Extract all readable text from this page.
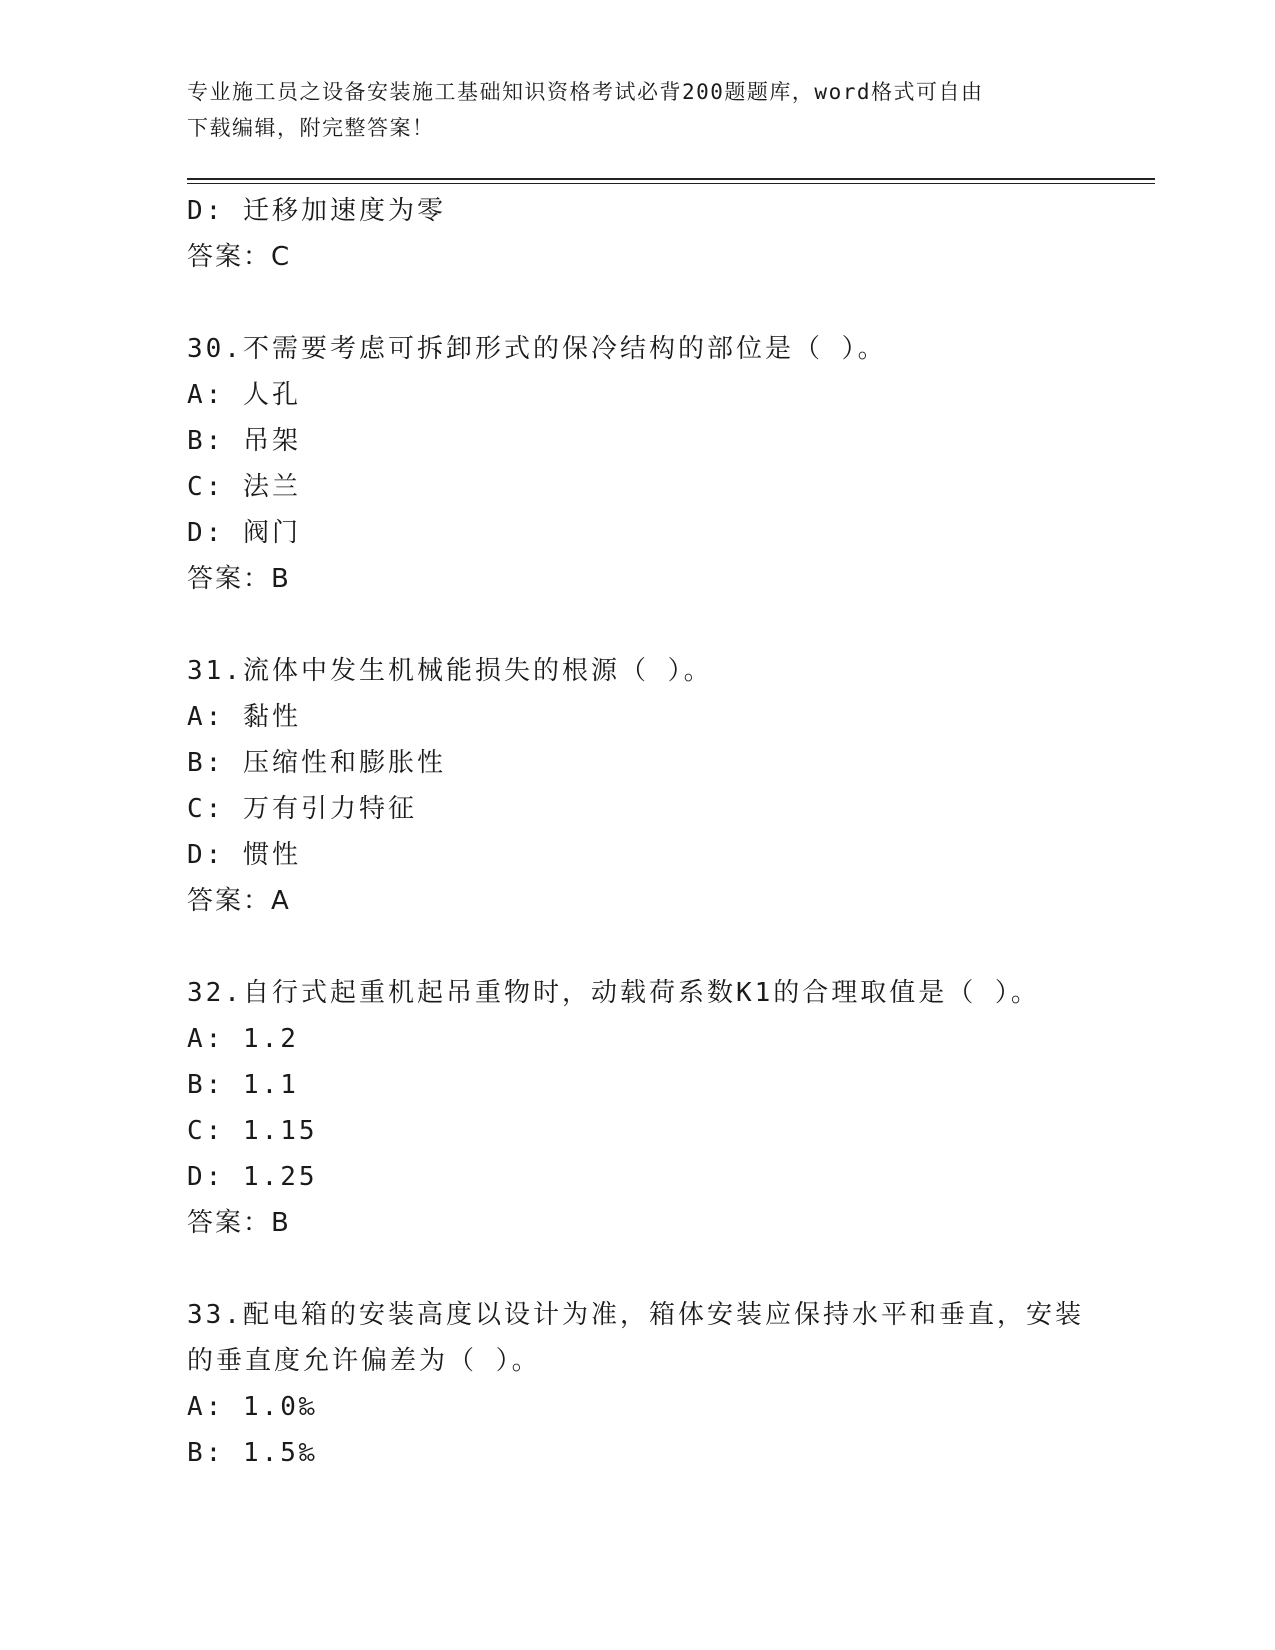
专业施工员之设备安装施工基础知识资格考试必背200题题库，word格式可自由
下载编辑，附完整答案！
D: 迁移加速度为零
答案：C
30.不需要考虑可拆卸形式的保冷结构的部位是（ ）。
A: 人孔
B: 吊架
C: 法兰
D: 阀门
答案：B
31.流体中发生机械能损失的根源（ ）。
A: 黏性
B: 压缩性和膨胀性
C: 万有引力特征
D: 惯性
答案：A
32.自行式起重机起吊重物时，动载荷系数K1的合理取值是（ ）。
A: 1.2
B: 1.1
C: 1.15
D: 1.25
答案：B
33.配电箱的安装高度以设计为准，箱体安装应保持水平和垂直，安装
的垂直度允许偏差为（ ）。
A: 1.0‰
B: 1.5‰
